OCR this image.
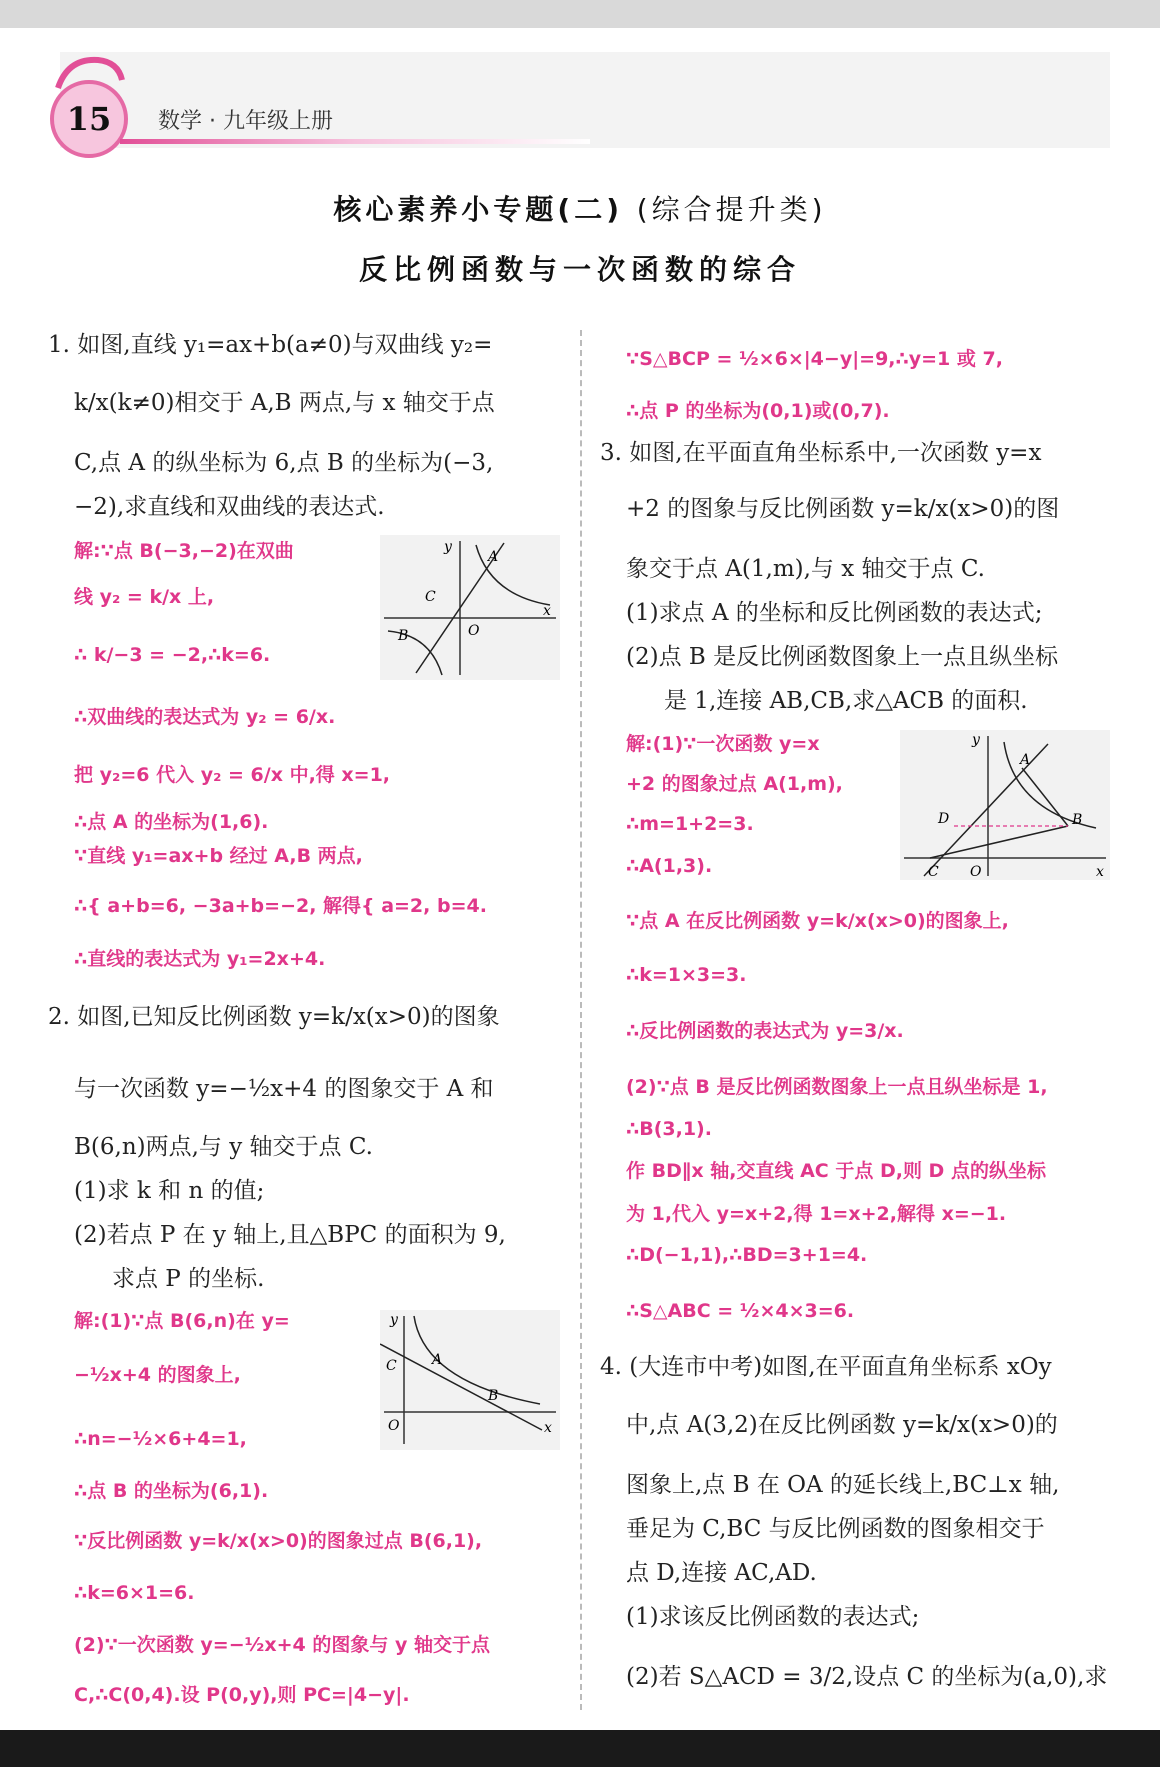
15	数学 · 九年级上册
核心素养小专题(二) (综合提升类)
反比例函数与一次函数的综合
1. 如图,直线 y₁=ax+b(a≠0)与双曲线 y₂=
k/x(k≠0)相交于 A,B 两点,与 x 轴交于点
C,点 A 的纵坐标为 6,点 B 的坐标为(−3,
−2),求直线和双曲线的表达式.
解:∵点 B(−3,−2)在双曲
线 y₂ = k/x 上,
∴ k/−3 = −2,∴k=6.
∴双曲线的表达式为 y₂ = 6/x.
把 y₂=6 代入 y₂ = 6/x 中,得 x=1,
∴点 A 的坐标为(1,6).
∵直线 y₁=ax+b 经过 A,B 两点,
∴{ a+b=6, −3a+b=−2, 解得{ a=2, b=4.
∴直线的表达式为 y₁=2x+4.
2. 如图,已知反比例函数 y=k/x(x>0)的图象
与一次函数 y=−½x+4 的图象交于 A 和
B(6,n)两点,与 y 轴交于点 C.
(1)求 k 和 n 的值;
(2)若点 P 在 y 轴上,且△BPC 的面积为 9,
求点 P 的坐标.
解:(1)∵点 B(6,n)在 y=
−½x+4 的图象上,
∴n=−½×6+4=1,
∴点 B 的坐标为(6,1).
∵反比例函数 y=k/x(x>0)的图象过点 B(6,1),
∴k=6×1=6.
(2)∵一次函数 y=−½x+4 的图象与 y 轴交于点
C,∴C(0,4).设 P(0,y),则 PC=|4−y|.
∵S△BCP = ½×6×|4−y|=9,∴y=1 或 7,
∴点 P 的坐标为(0,1)或(0,7).
3. 如图,在平面直角坐标系中,一次函数 y=x
+2 的图象与反比例函数 y=k/x(x>0)的图
象交于点 A(1,m),与 x 轴交于点 C.
(1)求点 A 的坐标和反比例函数的表达式;
(2)点 B 是反比例函数图象上一点且纵坐标
是 1,连接 AB,CB,求△ACB 的面积.
解:(1)∵一次函数 y=x
+2 的图象过点 A(1,m),
∴m=1+2=3.
∴A(1,3).
∵点 A 在反比例函数 y=k/x(x>0)的图象上,
∴k=1×3=3.
∴反比例函数的表达式为 y=3/x.
(2)∵点 B 是反比例函数图象上一点且纵坐标是 1,
∴B(3,1).
作 BD∥x 轴,交直线 AC 于点 D,则 D 点的纵坐标
为 1,代入 y=x+2,得 1=x+2,解得 x=−1.
∴D(−1,1),∴BD=3+1=4.
∴S△ABC = ½×4×3=6.
4. (大连市中考)如图,在平面直角坐标系 xOy
中,点 A(3,2)在反比例函数 y=k/x(x>0)的
图象上,点 B 在 OA 的延长线上,BC⊥x 轴,
垂足为 C,BC 与反比例函数的图象相交于
点 D,连接 AC,AD.
(1)求该反比例函数的表达式;
(2)若 S△ACD = 3/2,设点 C 的坐标为(a,0),求
y
A
C
O
x
B
y
C	A
B
O	x
y
A
D	B
C O	x
